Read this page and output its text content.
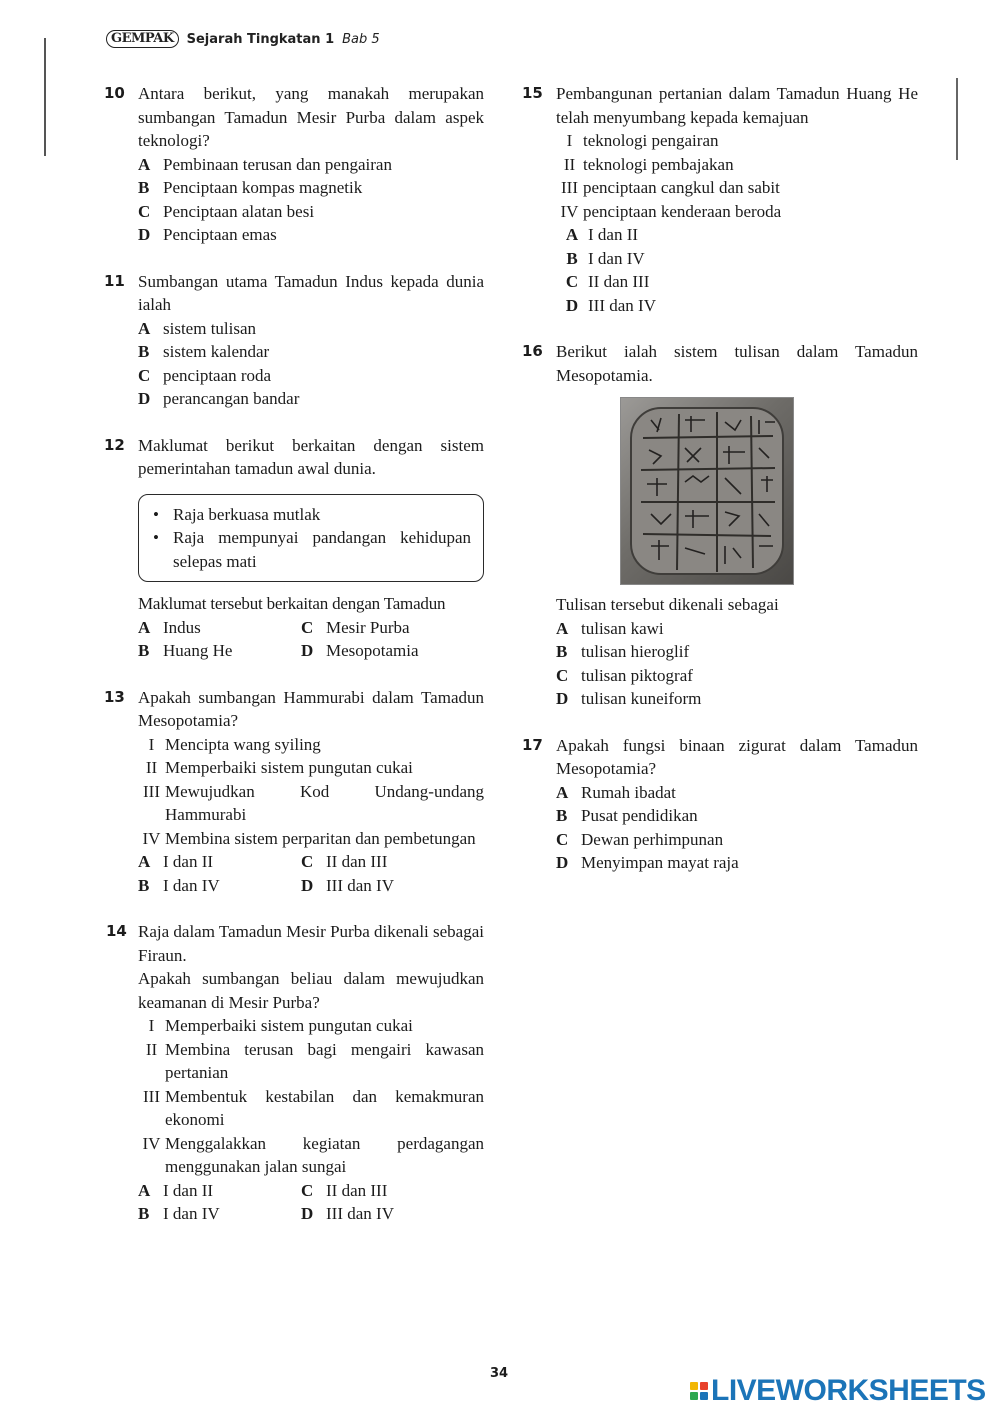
GEMPAK	Sejarah Tingkatan 1 Bab 5
10 Antara berikut, yang manakah merupakan sumbangan Tamadun Mesir Purba dalam aspek teknologi?
A Pembinaan terusan dan pengairan
B Penciptaan kompas magnetik
C Penciptaan alatan besi
D Penciptaan emas
11 Sumbangan utama Tamadun Indus kepada dunia ialah
A sistem tulisan
B sistem kalendar
C penciptaan roda
D perancangan bandar
12 Maklumat berikut berkaitan dengan sistem pemerintahan tamadun awal dunia.
• Raja berkuasa mutlak
• Raja mempunyai pandangan kehidupan selepas mati
Maklumat tersebut berkaitan dengan Tamadun
A Indus	C Mesir Purba
B Huang He	D Mesopotamia
13 Apakah sumbangan Hammurabi dalam Tamadun Mesopotamia?
I Mencipta wang syiling
II Memperbaiki sistem pungutan cukai
III Mewujudkan Kod Undang-undang Hammurabi
IV Membina sistem perparitan dan pembetungan
A I dan II	C II dan III
B I dan IV	D III dan IV
14 Raja dalam Tamadun Mesir Purba dikenali sebagai Firaun.
Apakah sumbangan beliau dalam mewujudkan keamanan di Mesir Purba?
I Memperbaiki sistem pungutan cukai
II Membina terusan bagi mengairi kawasan pertanian
III Membentuk kestabilan dan kemakmuran ekonomi
IV Menggalakkan kegiatan perdagangan menggunakan jalan sungai
A I dan II	C II dan III
B I dan IV	D III dan IV
15 Pembangunan pertanian dalam Tamadun Huang He telah menyumbang kepada kemajuan
I teknologi pengairan
II teknologi pembajakan
III penciptaan cangkul dan sabit
IV penciptaan kenderaan beroda
A I dan II
B I dan IV
C II dan III
D III dan IV
16 Berikut ialah sistem tulisan dalam Tamadun Mesopotamia.
Tulisan tersebut dikenali sebagai
A tulisan kawi
B tulisan hieroglif
C tulisan piktograf
D tulisan kuneiform
17 Apakah fungsi binaan zigurat dalam Tamadun Mesopotamia?
A Rumah ibadat
B Pusat pendidikan
C Dewan perhimpunan
D Menyimpan mayat raja
34
LIVEWORKSHEETS
